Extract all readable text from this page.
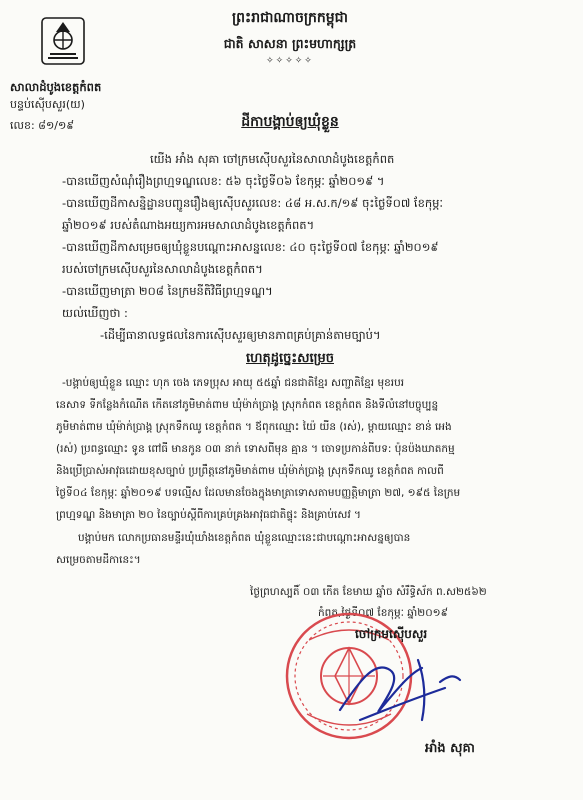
ព្រះរាជាណាចក្រកម្ពុជា
ជាតិ សាសនា ព្រះមហាក្សត្រ
✧✧✧✧✧
សាលាដំបូងខេត្តកំពត
បន្ទប់ស៊ើបសួរ(យ)
លេខ: ៨១/១៩	ដីកាបង្គាប់ឲ្យឃុំខ្លួន
យើង អាំង សុគា ចៅក្រមស៊ើបសួរនៃសាលាដំបូងខេត្តកំពត
-បានឃើញសំណុំរឿងព្រហ្មទណ្ឌលេខ: ៥៦ ចុះថ្ងៃទី០៦ ខែកុម្ភៈ ឆ្នាំ២០១៩ ។
-បានឃើញដីកាសន្និដ្ឋានបញ្ជូនរឿងឲ្យស៊ើបសួរលេខ: ៤៨ អ.ស.ក/១៩ ចុះថ្ងៃទី០៧ ខែកុម្ភៈ
ឆ្នាំ២០១៩ របស់តំណាងអយ្យការអមសាលាដំបូងខេត្តកំពត។
-បានឃើញដីកាសម្រេចឲ្យឃុំខ្លួនបណ្តោះអាសន្នលេខ: ៤០ ចុះថ្ងៃទី០៧ ខែកុម្ភៈ ឆ្នាំ២០១៩
របស់ចៅក្រមស៊ើបសួរនៃសាលាដំបូងខេត្តកំពត។
-បានឃើញមាត្រា ២០៨ នៃក្រមនីតិវិធីព្រហ្មទណ្ឌ។
យល់ឃើញថា :
-ដើម្បីធានាលទ្ធផលនៃការស៊ើបសួរឲ្យមានភាពគ្រប់គ្រាន់តាមច្បាប់។
ហេតុដូច្នេះសម្រេច
-បង្គាប់ឲ្យឃុំខ្លួន ឈ្មោះ ហុក ចេង ភេទប្រុស អាយុ ៥៥ឆ្នាំ ជនជាតិខ្មែរ សញ្ជាតិខ្មែរ មុខរបរ
នេសាទ ទីកន្លែងកំណើត កើតនៅភូមិមាត់ពាម ឃុំម៉ាក់ប្រាង្គ ស្រុកកំពត ខេត្តកំពត និងទីលំនៅបច្ចុប្បន្ន
ភូមិមាត់ពាម ឃុំម៉ាក់ប្រាង្គ ស្រុកទឹកឈូ ខេត្តកំពត ។ ឪពុកឈ្មោះ យ៉ៃ យីន (រស់), ម្តាយឈ្មោះ ខាន់ អេង
(រស់) ប្រពន្ធឈ្មោះ ទូន ពៅធី មានកូន ០៣ នាក់ ទោសពីមុន គ្មាន ។ ចោទប្រកាន់ពីបទ: ប៉ុនប៉ងឃាតកម្ម
និងប្រើប្រាស់អាវុធដោយខុសច្បាប់ ប្រព្រឹត្តនៅភូមិមាត់ពាម ឃុំម៉ាក់ប្រាង្គ ស្រុកទឹកឈូ ខេត្តកំពត កាលពី
ថ្ងៃទី០៤ ខែកុម្ភៈ ឆ្នាំ២០១៩ បទល្មើស ដែលមានចែងក្នុងមាត្រាទោសតាមបញ្ញត្តិមាត្រា ២៧, ១៩៥ នៃក្រម
ព្រហ្មទណ្ឌ និងមាត្រា ២០ នៃច្បាប់ស្តីពីការគ្រប់គ្រងអាវុធជាតិផ្ទុះ និងគ្រាប់សេវ ។
បង្គាប់មក លោកប្រធានមន្ទីរឃុំឃាំងខេត្តកំពត ឃុំខ្លួនឈ្មោះនេះជាបណ្តោះអាសន្នឲ្យបាន
សម្រេចតាមដីកានេះ។
ថ្ងៃព្រហស្បតិ៍ ០៣ កើត ខែមាឃ ឆ្នាំច សំរឹទ្ធិស័ក ព.ស២៥៦២
កំពត,ថ្ងៃទី០៧ ខែកុម្ភៈ ឆ្នាំ២០១៩
ចៅក្រមស៊ើបសួរ
អាំង សុគា
